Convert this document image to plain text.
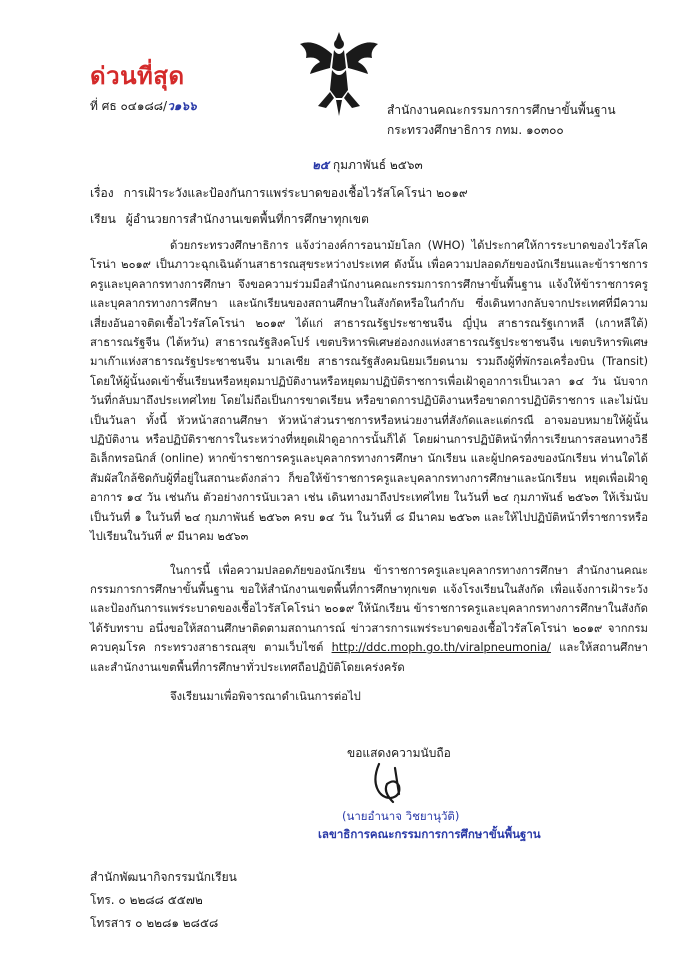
ด่วนที่สุด
ที่ ศธ ๐๔๑๘๘/ว๑๖๖	สำนักงานคณะกรรมการการศึกษาขั้นพื้นฐาน
กระทรวงศึกษาธิการ กทม. ๑๐๓๐๐
๒๕ กุมภาพันธ์ ๒๕๖๓
เรื่อง การเฝ้าระวังและป้องกันการแพร่ระบาดของเชื้อไวรัสโคโรน่า ๒๐๑๙
เรียน ผู้อำนวยการสำนักงานเขตพื้นที่การศึกษาทุกเขต

ด้วยกระทรวงศึกษาธิการ แจ้งว่าองค์การอนามัยโลก (WHO) ได้ประกาศให้การระบาดของไวรัสโคโรน่า ๒๐๑๙ เป็นภาวะฉุกเฉินด้านสาธารณสุขระหว่างประเทศ ดังนั้น เพื่อความปลอดภัยของนักเรียนและข้าราชการครูและบุคลากรทางการศึกษา จึงขอความร่วมมือสำนักงานคณะกรรมการการศึกษาขั้นพื้นฐาน แจ้งให้ข้าราชการครูและบุคลากรทางการศึกษา และนักเรียนของสถานศึกษาในสังกัดหรือในกำกับ ซึ่งเดินทางกลับจากประเทศที่มีความเสี่ยงอันอาจติดเชื้อไวรัสโคโรน่า ๒๐๑๙ ได้แก่ สาธารณรัฐประชาชนจีน ญี่ปุ่น สาธารณรัฐเกาหลี (เกาหลีใต้) สาธารณรัฐจีน (ไต้หวัน) สาธารณรัฐสิงคโปร์ เขตบริหารพิเศษฮ่องกงแห่งสาธารณรัฐประชาชนจีน เขตบริหารพิเศษมาเก๊าแห่งสาธารณรัฐประชาชนจีน มาเลเซีย สาธารณรัฐสังคมนิยมเวียดนาม รวมถึงผู้ที่พักรอเครื่องบิน (Transit) โดยให้ผู้นั้นงดเข้าชั้นเรียนหรือหยุดมาปฏิบัติงานหรือหยุดมาปฏิบัติราชการเพื่อเฝ้าดูอาการเป็นเวลา ๑๔ วัน นับจากวันที่กลับมาถึงประเทศไทย โดยไม่ถือเป็นการขาดเรียน หรือขาดการปฏิบัติงานหรือขาดการปฏิบัติราชการ และไม่นับเป็นวันลา ทั้งนี้ หัวหน้าสถานศึกษา หัวหน้าส่วนราชการหรือหน่วยงานที่สังกัดและแต่กรณี อาจมอบหมายให้ผู้นั้นปฏิบัติงาน หรือปฏิบัติราชการในระหว่างที่หยุดเฝ้าดูอาการนั้นก็ได้ โดยผ่านการปฏิบัติหน้าที่การเรียนการสอนทางวิธีอิเล็กทรอนิกส์ (online) หากข้าราชการครูและบุคลากรทางการศึกษา นักเรียน และผู้ปกครองของนักเรียน ท่านใดได้สัมผัสใกล้ชิดกับผู้ที่อยู่ในสถานะดังกล่าว ก็ขอให้ข้าราชการครูและบุคลากรทางการศึกษาและนักเรียน หยุดเพื่อเฝ้าดูอาการ ๑๔ วัน เช่นกัน ตัวอย่างการนับเวลา เช่น เดินทางมาถึงประเทศไทย ในวันที่ ๒๔ กุมภาพันธ์ ๒๕๖๓ ให้เริ่มนับเป็นวันที่ ๑ ในวันที่ ๒๔ กุมภาพันธ์ ๒๕๖๓ ครบ ๑๔ วัน ในวันที่ ๘ มีนาคม ๒๕๖๓ และให้ไปปฏิบัติหน้าที่ราชการหรือไปเรียนในวันที่ ๙ มีนาคม ๒๕๖๓

ในการนี้ เพื่อความปลอดภัยของนักเรียน ข้าราชการครูและบุคลากรทางการศึกษา สำนักงานคณะกรรมการการศึกษาขั้นพื้นฐาน ขอให้สำนักงานเขตพื้นที่การศึกษาทุกเขต แจ้งโรงเรียนในสังกัด เพื่อแจ้งการเฝ้าระวังและป้องกันการแพร่ระบาดของเชื้อไวรัสโคโรน่า ๒๐๑๙ ให้นักเรียน ข้าราชการครูและบุคลากรทางการศึกษาในสังกัดได้รับทราบ อนึ่งขอให้สถานศึกษาติดตามสถานการณ์ ข่าวสารการแพร่ระบาดของเชื้อไวรัสโคโรน่า ๒๐๑๙ จากกรมควบคุมโรค กระทรวงสาธารณสุข ตามเว็บไซต์ http://ddc.moph.go.th/viralpneumonia/ และให้สถานศึกษาและสำนักงานเขตพื้นที่การศึกษาทั่วประเทศถือปฏิบัติโดยเคร่งครัด

จึงเรียนมาเพื่อพิจารณาดำเนินการต่อไป

ขอแสดงความนับถือ
(นายอำนาจ วิชยานุวัติ)
เลขาธิการคณะกรรมการการศึกษาขั้นพื้นฐาน
สำนักพัฒนากิจกรรมนักเรียน
โทร. ๐ ๒๒๘๘ ๕๕๗๒
โทรสาร ๐ ๒๒๘๑ ๒๘๕๘
